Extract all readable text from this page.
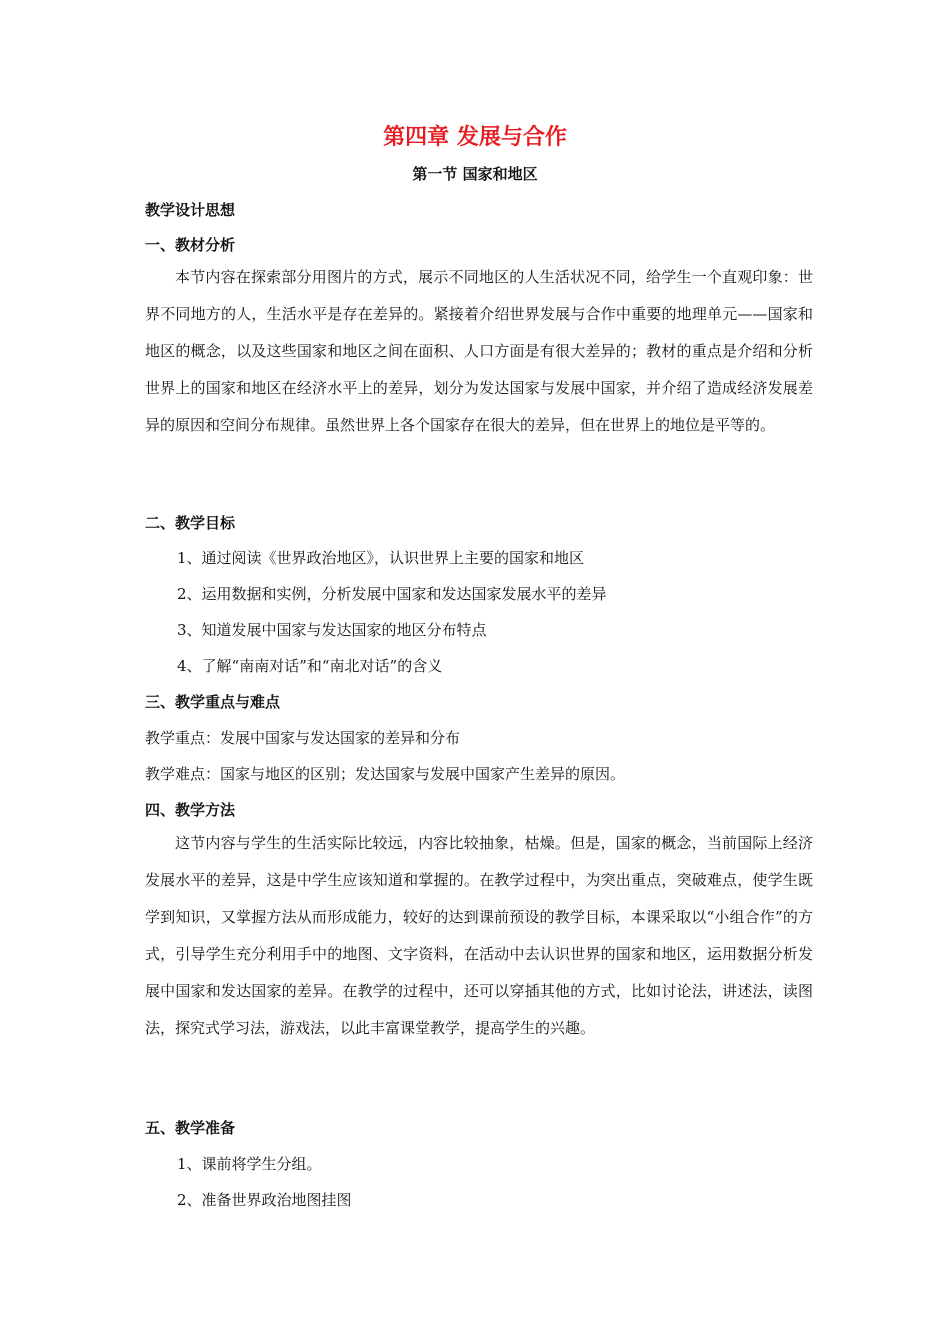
第四章 发展与合作
第一节 国家和地区
教学设计思想
一、教材分析
本节内容在探索部分用图片的方式，展示不同地区的人生活状况不同，给学生一个直观印象：世界不同地方的人，生活水平是存在差异的。紧接着介绍世界发展与合作中重要的地理单元——国家和地区的概念，以及这些国家和地区之间在面积、人口方面是有很大差异的；教材的重点是介绍和分析世界上的国家和地区在经济水平上的差异，划分为发达国家与发展中国家，并介绍了造成经济发展差异的原因和空间分布规律。虽然世界上各个国家存在很大的差异，但在世界上的地位是平等的。
二、教学目标
1、通过阅读《世界政治地区》，认识世界上主要的国家和地区
2、运用数据和实例，分析发展中国家和发达国家发展水平的差异
3、知道发展中国家与发达国家的地区分布特点
4、了解“南南对话”和“南北对话”的含义
三、教学重点与难点
教学重点：发展中国家与发达国家的差异和分布
教学难点：国家与地区的区别；发达国家与发展中国家产生差异的原因。
四、教学方法
这节内容与学生的生活实际比较远，内容比较抽象，枯燥。但是，国家的概念，当前国际上经济发展水平的差异，这是中学生应该知道和掌握的。在教学过程中，为突出重点，突破难点，使学生既学到知识，又掌握方法从而形成能力，较好的达到课前预设的教学目标，本课采取以“小组合作”的方式，引导学生充分利用手中的地图、文字资料，在活动中去认识世界的国家和地区，运用数据分析发展中国家和发达国家的差异。在教学的过程中，还可以穿插其他的方式，比如讨论法，讲述法，读图法，探究式学习法，游戏法，以此丰富课堂教学，提高学生的兴趣。
五、教学准备
1、课前将学生分组。
2、准备世界政治地图挂图
